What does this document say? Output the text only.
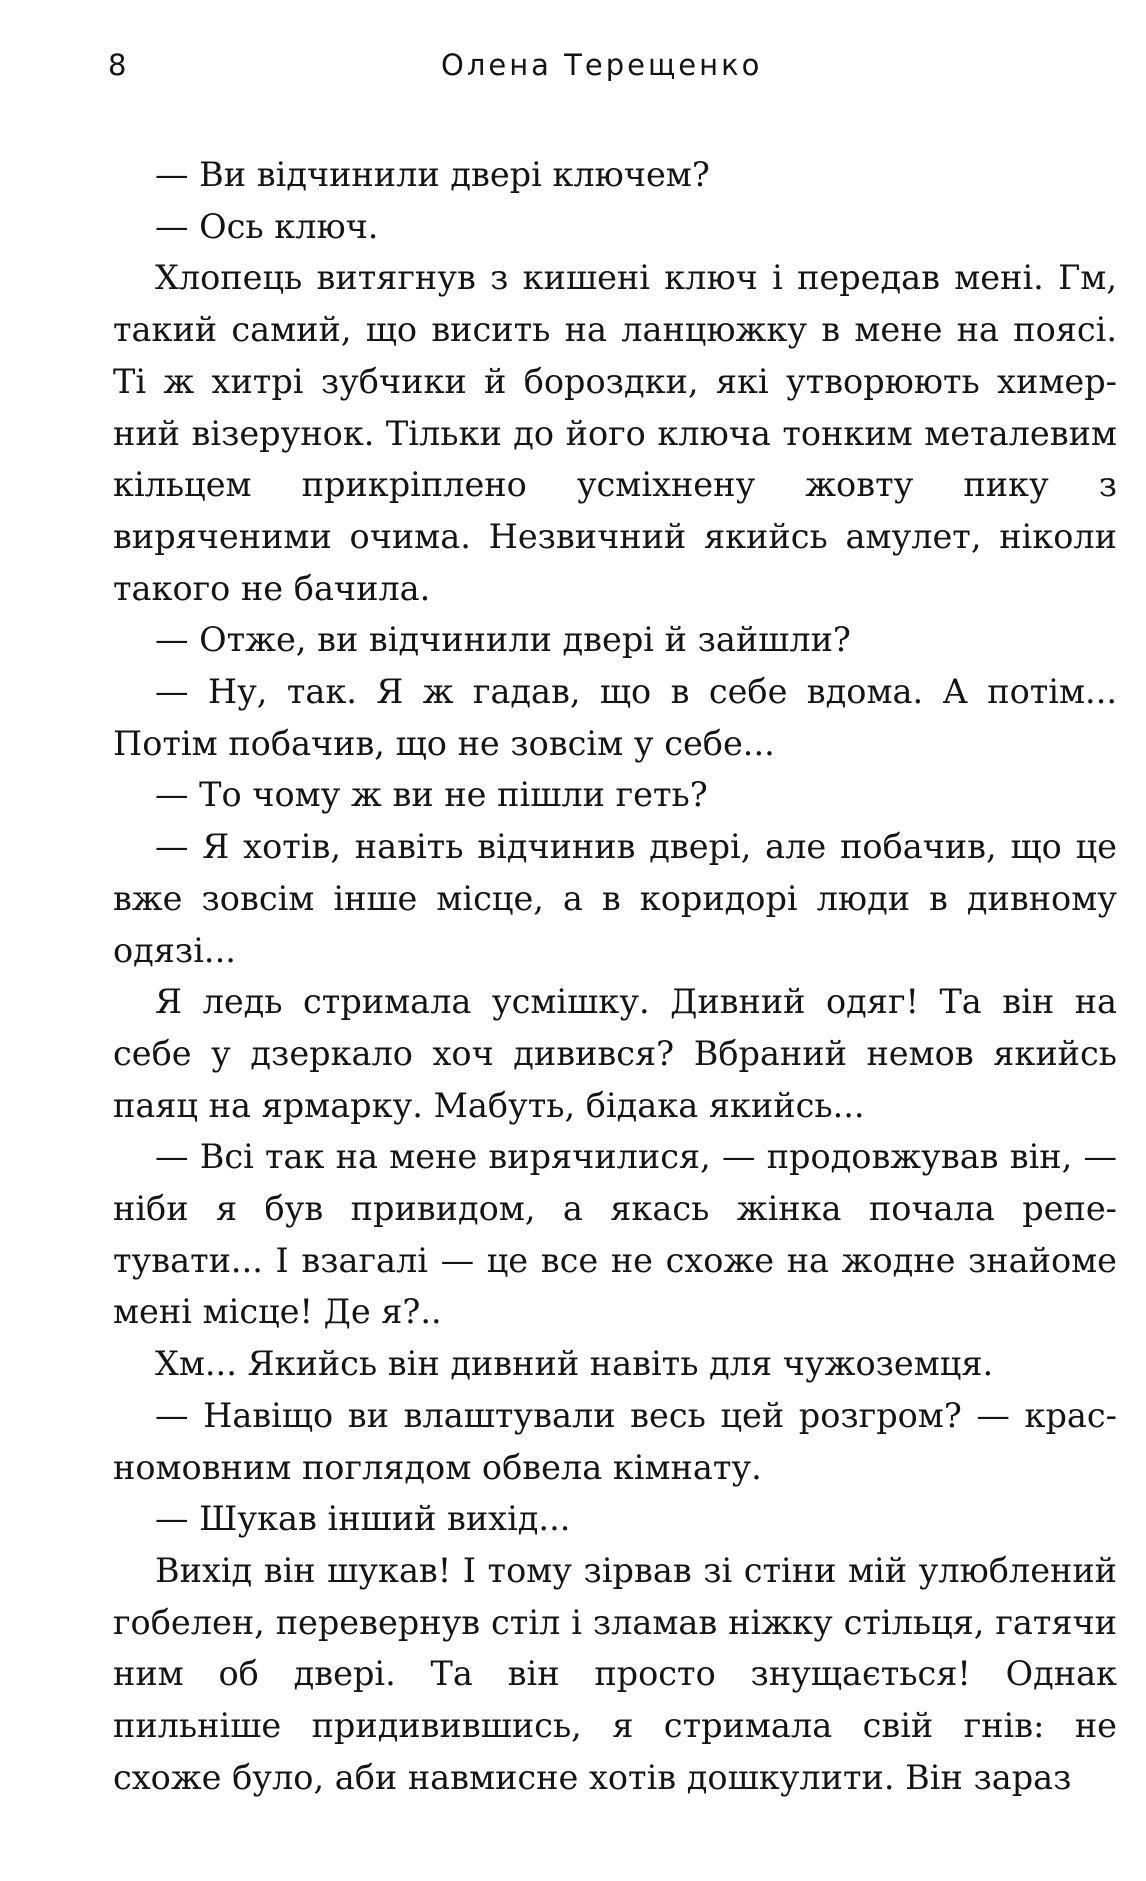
8	Олена Терещенко

— Ви відчинили двері ключем?

— Ось ключ.

Хлопець витягнув з кишені ключ і передав мені. Гм, такий самий, що висить на ланцюжку в мене на поясі. Ті ж хитрі зубчики й бороздки, які утворюють химерний візерунок. Тільки до його ключа тонким металевим кільцем прикріплено усміхнену жовту пику з виряченими очима. Незвичний якийсь амулет, ніколи такого не бачила.

— Отже, ви відчинили двері й зайшли?

— Ну, так. Я ж гадав, що в себе вдома. А потім... Потім побачив, що не зовсім у себе...

— То чому ж ви не пішли геть?

— Я хотів, навіть відчинив двері, але побачив, що це вже зовсім інше місце, а в коридорі люди в дивному одязі...

Я ледь стримала усмішку. Дивний одяг! Та він на себе у дзеркало хоч дивився? Вбраний немов якийсь паяц на ярмарку. Мабуть, бідака якийсь...

— Всі так на мене вирячилися, — продовжував він, — ніби я був привидом, а якась жінка почала репетувати... І взагалі — це все не схоже на жодне знайоме мені місце! Де я?..

Хм... Якийсь він дивний навіть для чужоземця.

— Навіщо ви влаштували весь цей розгром? — красномовним поглядом обвела кімнату.

— Шукав інший вихід...

Вихід він шукав! І тому зірвав зі стіни мій улюблений гобелен, перевернув стіл і зламав ніжку стільця, гатячи ним об двері. Та він просто знущається! Однак пильніше придивившись, я стримала свій гнів: не схоже було, аби навмисне хотів дошкулити. Він зараз
